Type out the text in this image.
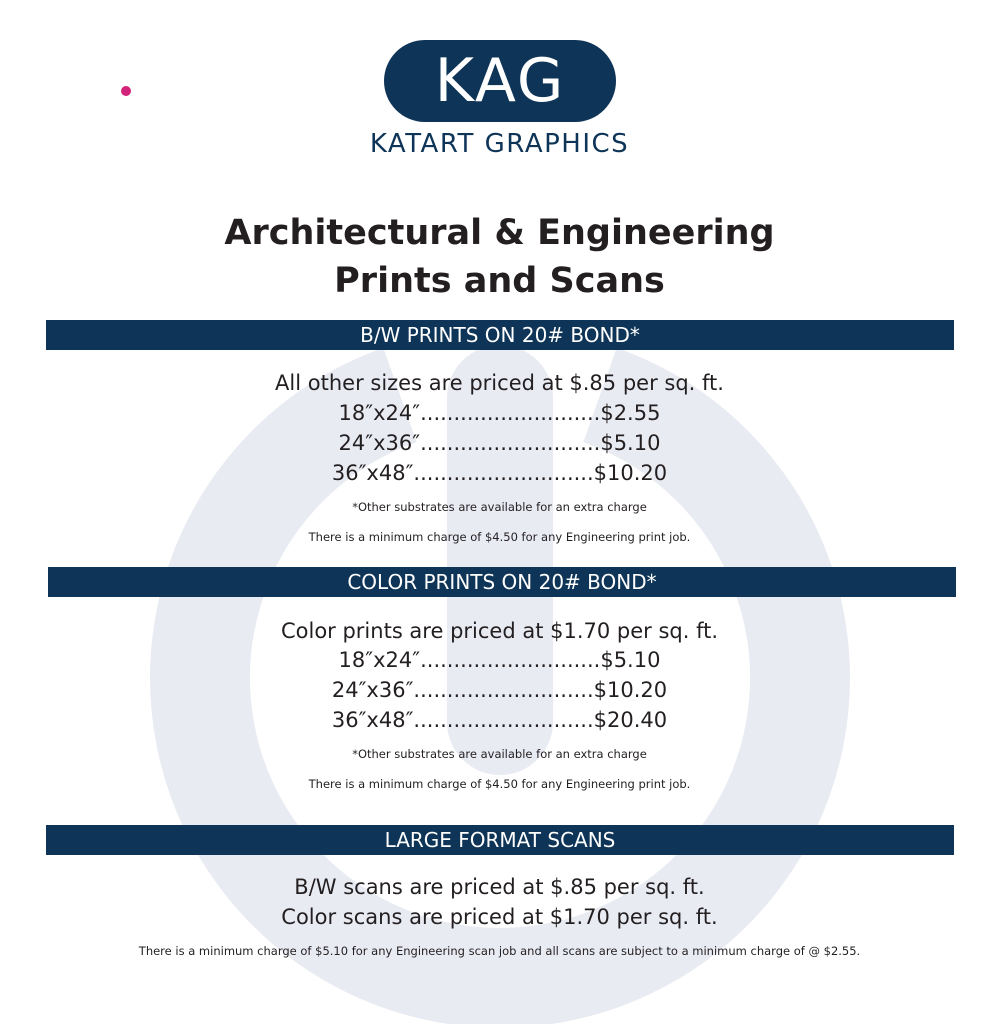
KAG
KATART GRAPHICS
Architectural & Engineering
Prints and Scans
B/W PRINTS ON 20# BOND*
All other sizes are priced at $.85 per sq. ft.
18″x24″...........................$2.55
24″x36″...........................$5.10
36″x48″...........................$10.20
*Other substrates are available for an extra charge
There is a minimum charge of $4.50 for any Engineering print job.
COLOR PRINTS ON 20# BOND*
Color prints are priced at $1.70 per sq. ft.
18″x24″...........................$5.10
24″x36″...........................$10.20
36″x48″...........................$20.40
*Other substrates are available for an extra charge
There is a minimum charge of $4.50 for any Engineering print job.
LARGE FORMAT SCANS
B/W scans are priced at $.85 per sq. ft.
Color scans are priced at $1.70 per sq. ft.
There is a minimum charge of $5.10 for any Engineering scan job and all scans are subject to a minimum charge of @ $2.55.
